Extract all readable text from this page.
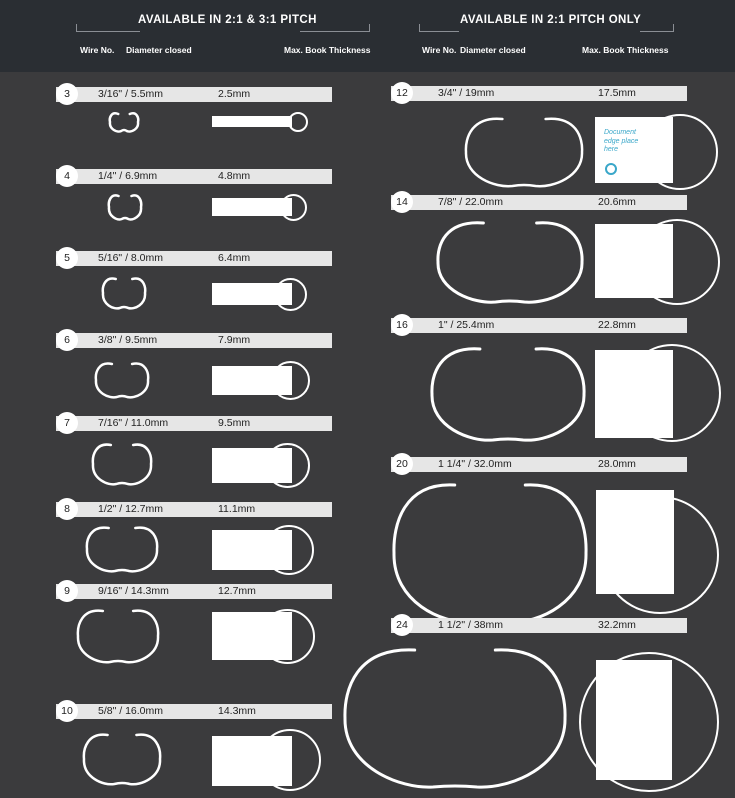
AVAILABLE IN 2:1 & 3:1 PITCH	AVAILABLE IN 2:1 PITCH ONLY
Wire No. Diameter closed	Max. Book Thickness	Wire No. Diameter closed	Max. Book Thickness
3	3/16" / 5.5mm	2.5mm
4	1/4" / 6.9mm	4.8mm
5	5/16" / 8.0mm	6.4mm
6	3/8" / 9.5mm	7.9mm
7	7/16" / 11.0mm	9.5mm
8	1/2" / 12.7mm	11.1mm
9	9/16" / 14.3mm	12.7mm
10	5/8" / 16.0mm	14.3mm
12	3/4" / 19mm	17.5mm
Document edge place here
14	7/8" / 22.0mm	20.6mm
16	1" / 25.4mm	22.8mm
20	1 1/4" / 32.0mm	28.0mm
24	1 1/2" / 38mm	32.2mm
